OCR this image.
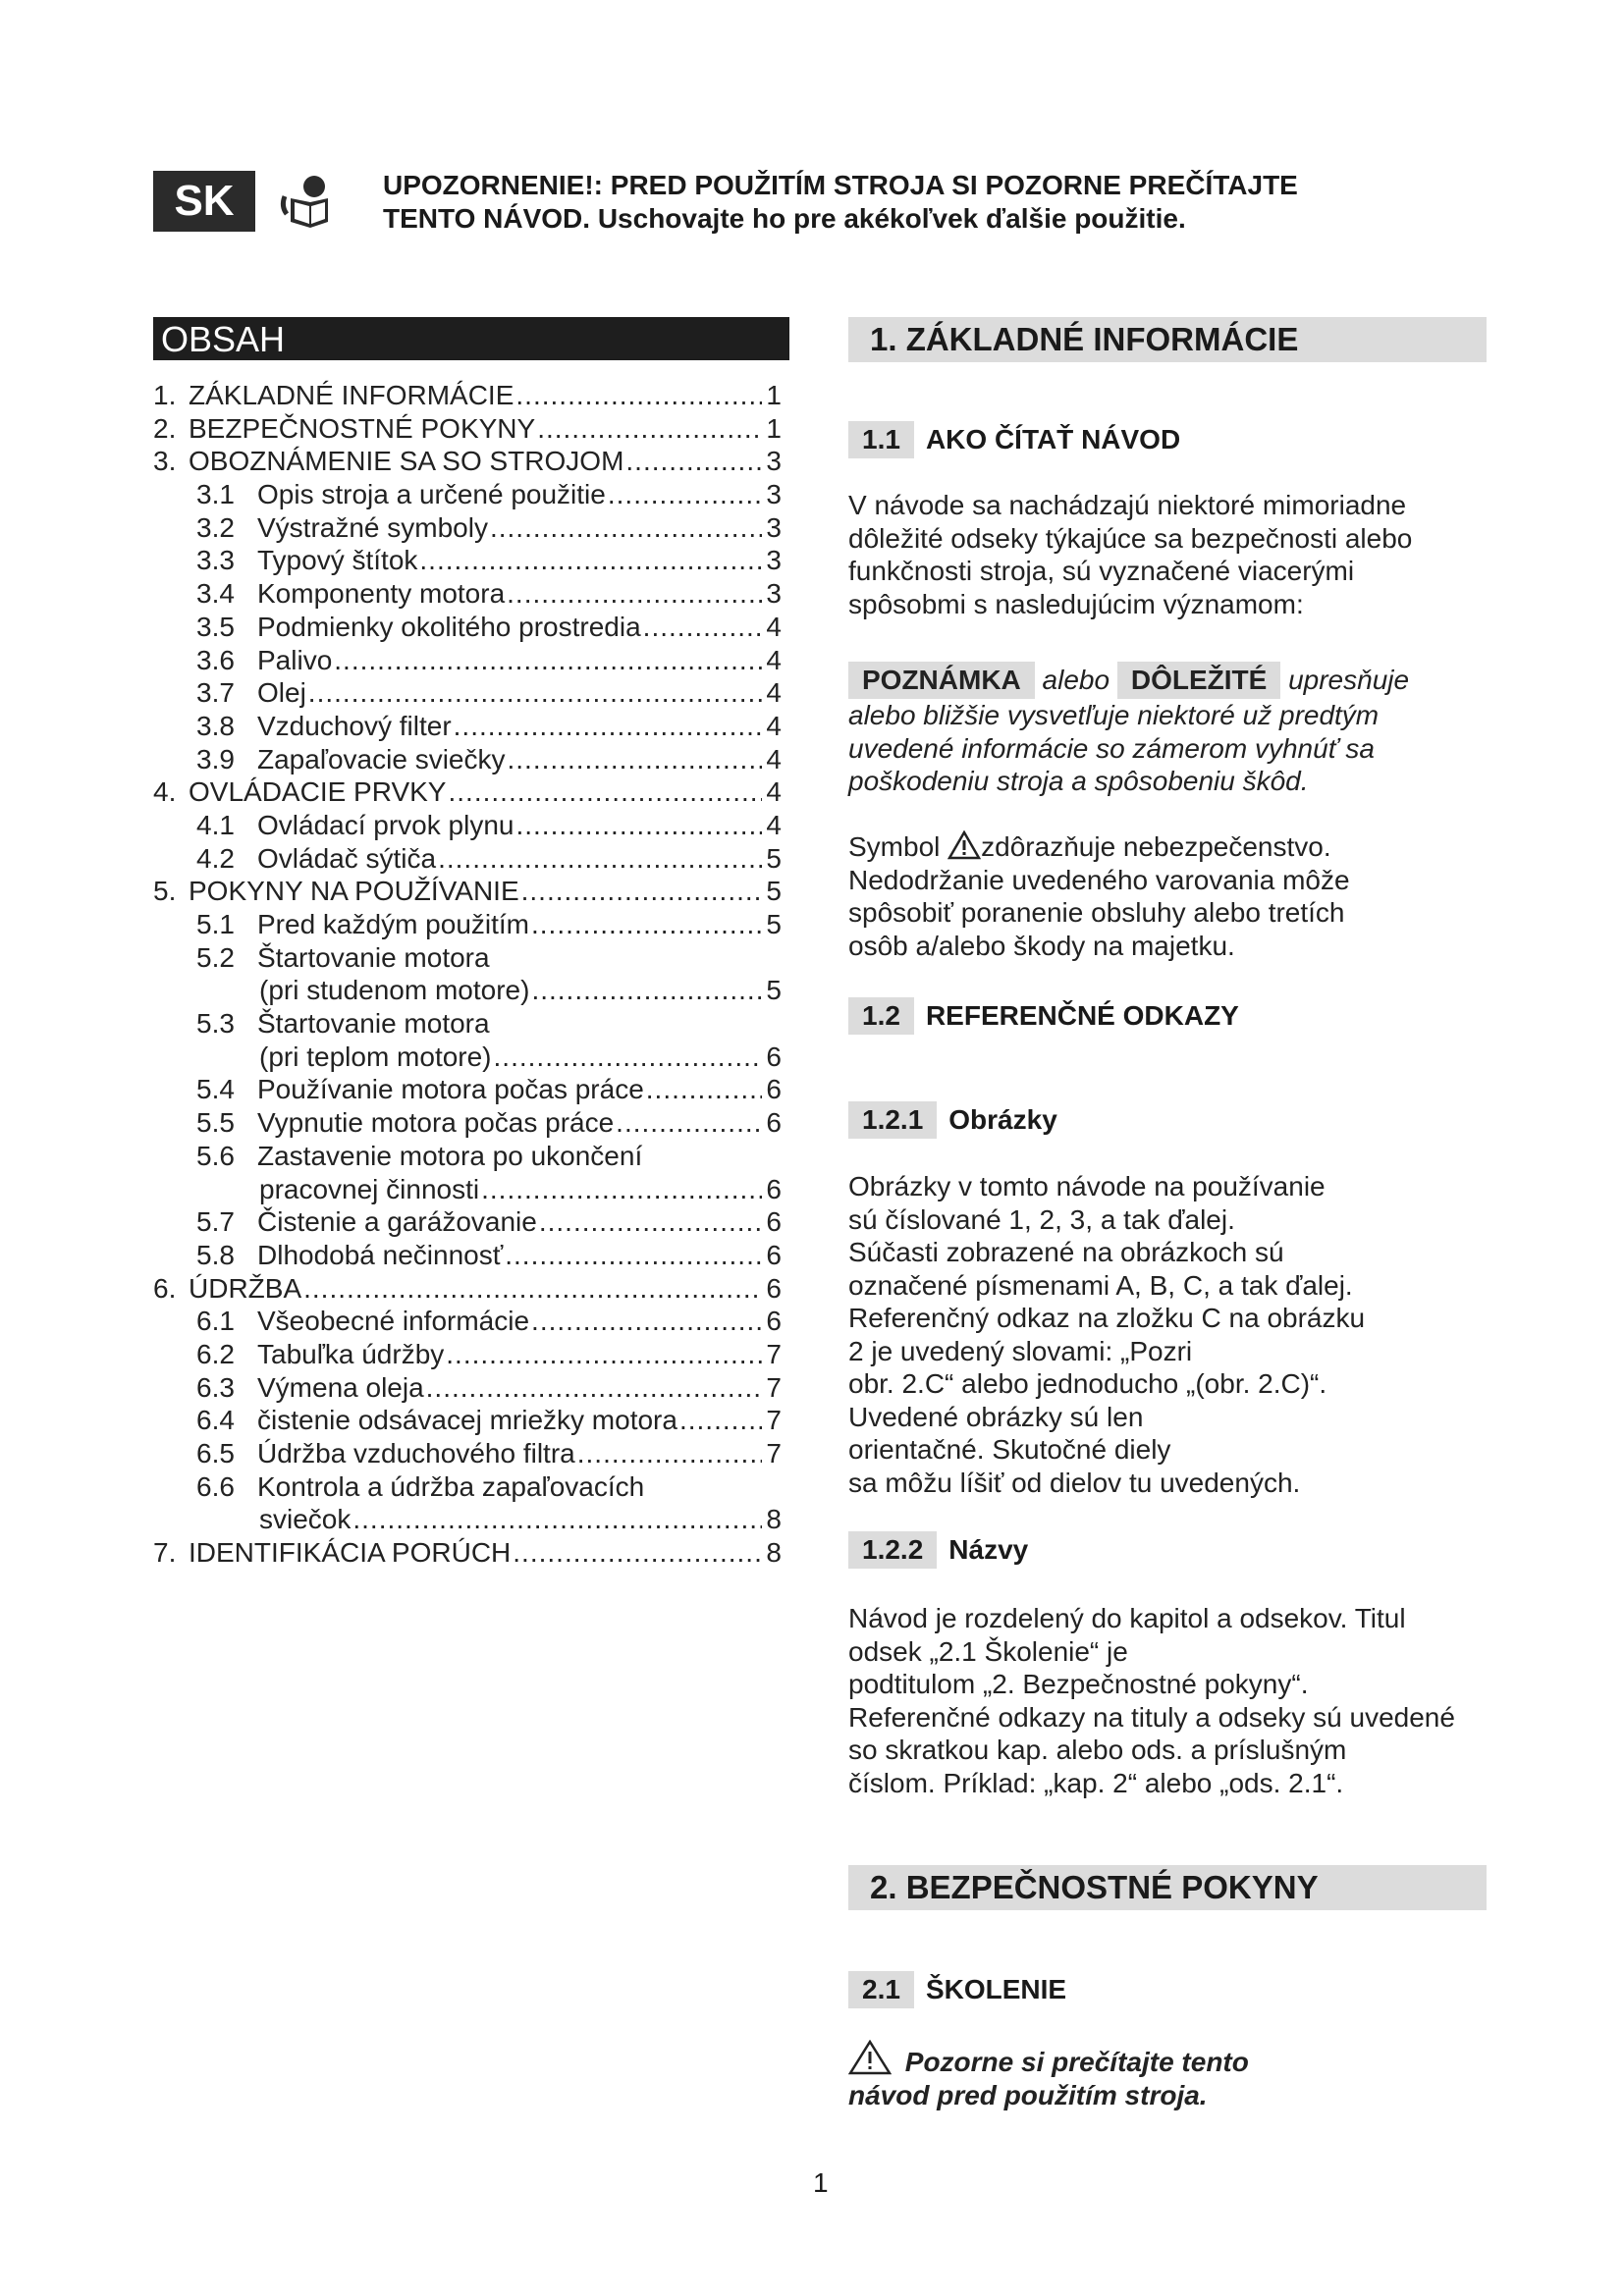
SK	UPOZORNENIE!: PRED POUŽITÍM STROJA SI POZORNE PREČÍTAJTE
TENTO NÁVOD. Uschovajte ho pre akékoľvek ďalšie použitie.
OBSAH
1. ZÁKLADNÉ INFORMÁCIE .....	1
2. BEZPEČNOSTNÉ POKYNY .....	1
3. OBOZNÁMENIE SA SO STROJOM .....	3
3.1 Opis stroja a určené použitie .....	3
3.2 Výstražné symboly .....	3
3.3 Typový štítok .....	3
3.4 Komponenty motora .....	3
3.5 Podmienky okolitého prostredia .....	4
3.6 Palivo .....	4
3.7 Olej .....	4
3.8 Vzduchový filter .....	4
3.9 Zapaľovacie sviečky .....	4
4. OVLÁDACIE PRVKY .....	4
4.1 Ovládací prvok plynu .....	4
4.2 Ovládač sýtiča .....	5
5. POKYNY NA POUŽÍVANIE .....	5
5.1 Pred každým použitím .....	5
5.2 Štartovanie motora
(pri studenom motore) .....	5
5.3 Štartovanie motora
(pri teplom motore) .....	6
5.4 Používanie motora počas práce .....	6
5.5 Vypnutie motora počas práce .....	6
5.6 Zastavenie motora po ukončení
pracovnej činnosti .....	6
5.7 Čistenie a garážovanie .....	6
5.8 Dlhodobá nečinnosť .....	6
6. ÚDRŽBA .....	6
6.1 Všeobecné informácie .....	6
6.2 Tabuľka údržby .....	7
6.3 Výmena oleja .....	7
6.4 čistenie odsávacej mriežky motora .....	7
6.5 Údržba vzduchového filtra .....	7
6.6 Kontrola a údržba zapaľovacích
sviečok .....	8
7. IDENTIFIKÁCIA PORÚCH .....	8
1. ZÁKLADNÉ INFORMÁCIE
1.1 AKO ČÍTAŤ NÁVOD
V návode sa nachádzajú niektoré mimoriadne
dôležité odseky týkajúce sa bezpečnosti alebo
funkčnosti stroja, sú vyznačené viacerými
spôsobmi s nasledujúcim významom:
POZNÁMKA alebo DÔLEŽITÉ upresňuje
alebo bližšie vysvetľuje niektoré už predtým
uvedené informácie so zámerom vyhnúť sa
poškodeniu stroja a spôsobeniu škôd.
Symbol zdôrazňuje nebezpečenstvo.
Nedodržanie uvedeného varovania môže
spôsobiť poranenie obsluhy alebo tretích
osôb a/alebo škody na majetku.
1.2 REFERENČNÉ ODKAZY
1.2.1 Obrázky
Obrázky v tomto návode na používanie
sú číslované 1, 2, 3, a tak ďalej.
Súčasti zobrazené na obrázkoch sú
označené písmenami A, B, C, a tak ďalej.
Referenčný odkaz na zložku C na obrázku
2 je uvedený slovami: „Pozri
obr. 2.C“ alebo jednoducho „(obr. 2.C)“.
Uvedené obrázky sú len
orientačné. Skutočné diely
sa môžu líšiť od dielov tu uvedených.
1.2.2 Názvy
Návod je rozdelený do kapitol a odsekov. Titul
odsek „2.1 Školenie“ je
podtitulom „2. Bezpečnostné pokyny“.
Referenčné odkazy na tituly a odseky sú uvedené
so skratkou kap. alebo ods. a príslušným
číslom. Príklad: „kap. 2“ alebo „ods. 2.1“.
2. BEZPEČNOSTNÉ POKYNY
2.1 ŠKOLENIE
Pozorne si prečítajte tento
návod pred použitím stroja.
1
